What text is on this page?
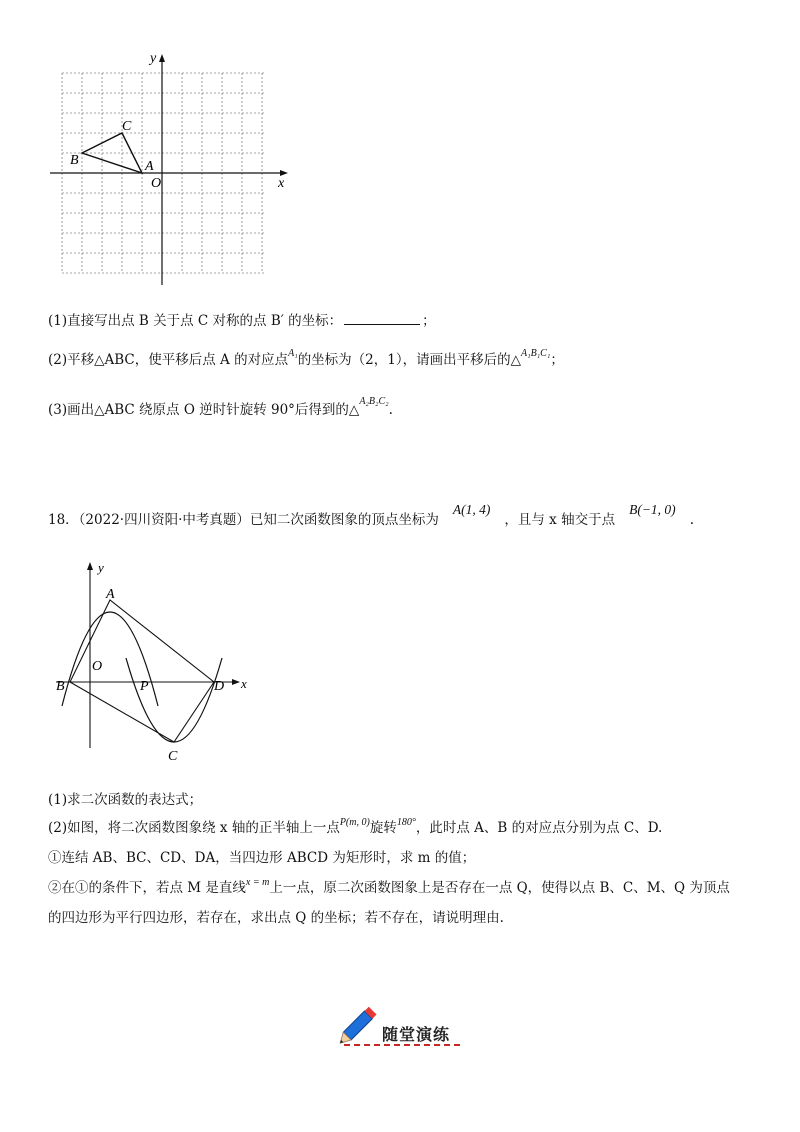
y
x
O
A
B
C
(1)直接写出点 B 关于点 C 对称的点 B′ 的坐标：	；
(2)平移△ABC，使平移后点 A 的对应点$^{A_1}$的坐标为（2，1），请画出平移后的△$^{A_1B_1C_1}$；
(3)画出△ABC 绕原点 O 逆时针旋转 90°后得到的△$^{A_2B_2C_2}$.
18．（2022·四川资阳·中考真题）已知二次函数图象的顶点坐标为A(1, 4)，且与 x 轴交于点B(−1, 0).
y
x
O
A
B
C
D
P
(1)求二次函数的表达式；
(2)如图，将二次函数图象绕 x 轴的正半轴上一点$^{P(m, 0)}$旋转$^{180^\circ}$，此时点 A、B 的对应点分别为点 C、D.
①连结 AB、BC、CD、DA，当四边形 ABCD 为矩形时，求 m 的值；
②在①的条件下，若点 M 是直线$^{x = m}$上一点，原二次函数图象上是否存在一点 Q，使得以点 B、C、M、Q 为顶点
的四边形为平行四边形，若存在，求出点 Q 的坐标；若不存在，请说明理由.
随堂演练
